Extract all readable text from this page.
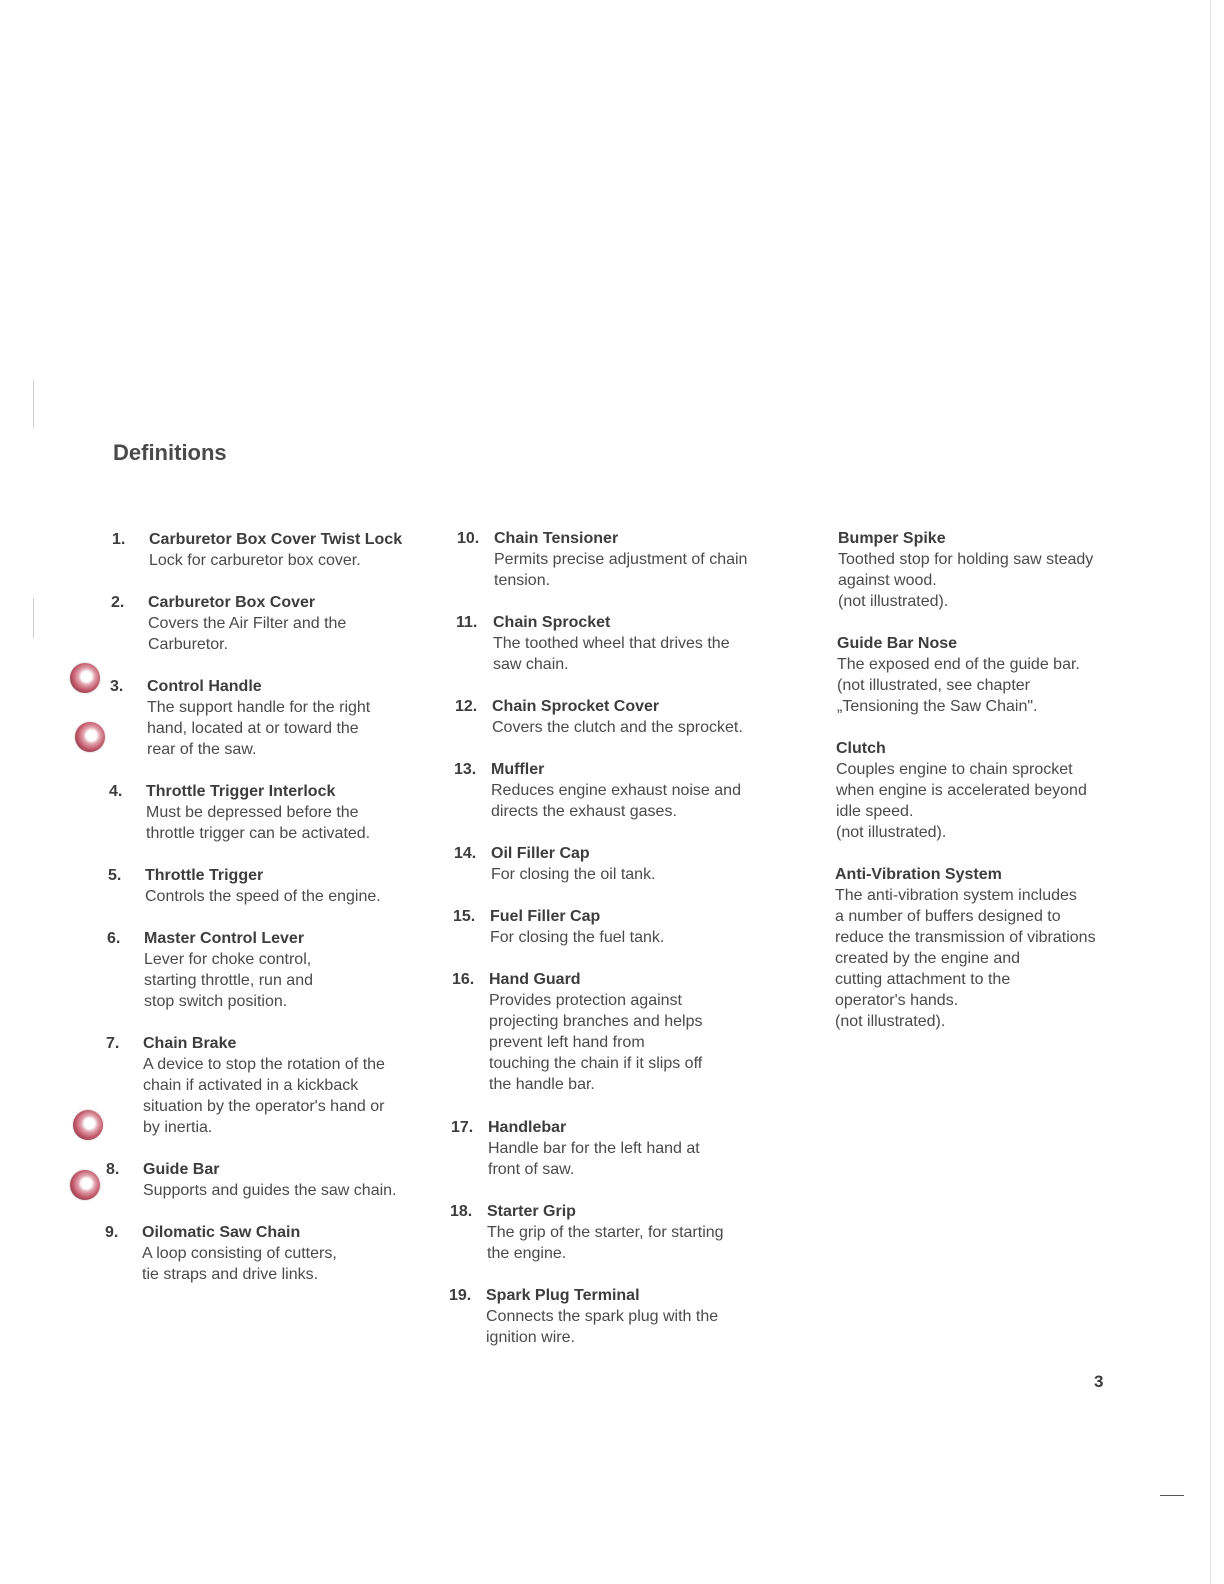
Definitions
1. Carburetor Box Cover Twist Lock
Lock for carburetor box cover.
2. Carburetor Box Cover
Covers the Air Filter and the
Carburetor.
3. Control Handle
The support handle for the right
hand, located at or toward the
rear of the saw.
4. Throttle Trigger Interlock
Must be depressed before the
throttle trigger can be activated.
5. Throttle Trigger
Controls the speed of the engine.
6. Master Control Lever
Lever for choke control,
starting throttle, run and
stop switch position.
7. Chain Brake
A device to stop the rotation of the
chain if activated in a kickback
situation by the operator's hand or
by inertia.
8. Guide Bar
Supports and guides the saw chain.
9. Oilomatic Saw Chain
A loop consisting of cutters,
tie straps and drive links.
10. Chain Tensioner
Permits precise adjustment of chain
tension.
11. Chain Sprocket
The toothed wheel that drives the
saw chain.
12. Chain Sprocket Cover
Covers the clutch and the sprocket.
13. Muffler
Reduces engine exhaust noise and
directs the exhaust gases.
14. Oil Filler Cap
For closing the oil tank.
15. Fuel Filler Cap
For closing the fuel tank.
16. Hand Guard
Provides protection against
projecting branches and helps
prevent left hand from
touching the chain if it slips off
the handle bar.
17. Handlebar
Handle bar for the left hand at
front of saw.
18. Starter Grip
The grip of the starter, for starting
the engine.
19. Spark Plug Terminal
Connects the spark plug with the
ignition wire.
Bumper Spike
Toothed stop for holding saw steady
against wood.
(not illustrated).
Guide Bar Nose
The exposed end of the guide bar.
(not illustrated, see chapter
„Tensioning the Saw Chain".
Clutch
Couples engine to chain sprocket
when engine is accelerated beyond
idle speed.
(not illustrated).
Anti-Vibration System
The anti-vibration system includes
a number of buffers designed to
reduce the transmission of vibrations
created by the engine and
cutting attachment to the
operator's hands.
(not illustrated).
3
